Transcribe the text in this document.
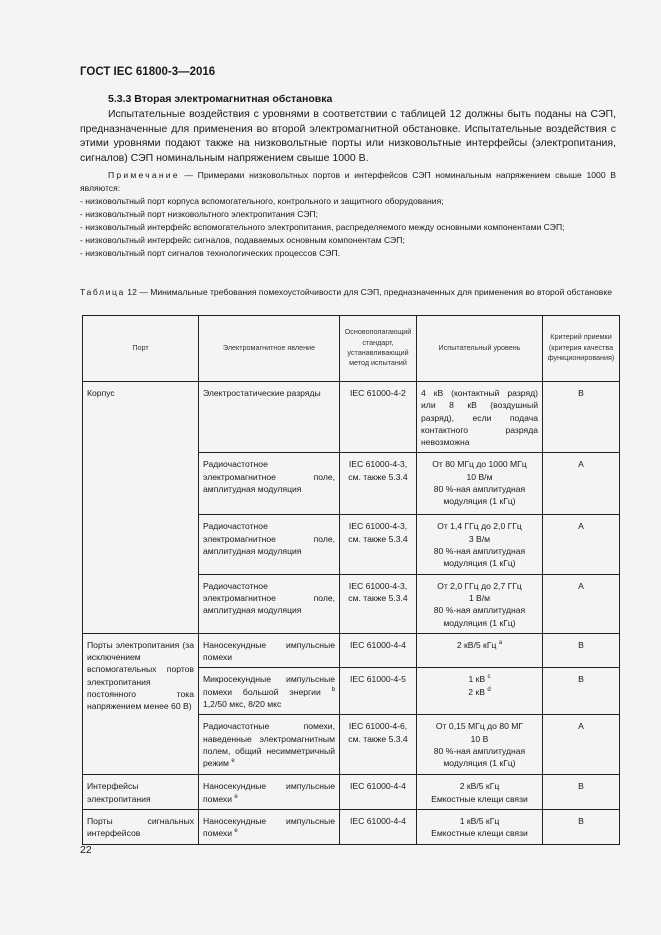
ГОСТ IEC 61800-3—2016
5.3.3 Вторая электромагнитная обстановка
Испытательные воздействия с уровнями в соответствии с таблицей 12 должны быть поданы на СЭП, предназначенные для применения во второй электромагнитной обстановке. Испытательные воздействия с этими уровнями подают также на низковольтные порты или низковольтные интерфейсы (электропитания, сигналов) СЭП номинальным напряжением свыше 1000 В.
Примечание — Примерами низковольтных портов и интерфейсов СЭП номинальным напряжением свыше 1000 В являются:
- низковольтный порт корпуса вспомогательного, контрольного и защитного оборудования;
- низковольтный порт низковольтного электропитания СЭП;
- низковольтный интерфейс вспомогательного электропитания, распределяемого между основными компонентами СЭП;
- низковольтный интерфейс сигналов, подаваемых основным компонентам СЭП;
- низковольтный порт сигналов технологических процессов СЭП.
Таблица 12 — Минимальные требования помехоустойчивости для СЭП, предназначенных для применения во второй обстановке
Порт	Электромагнитное явление	Основополагающий стандарт, устанавливающий метод испытаний	Испытательный уровень	Критерий приемки (критерия качества функционирования)
Корпус	Электростатические разряды	IEC 61000-4-2	4 кВ (контактный разряд) или 8 кВ (воздушный разряд), если подача контактного разряда невозможна	B
	Радиочастотное электромагнитное поле, амплитудная модуляция	IEC 61000-4-3, см. также 5.3.4	От 80 МГц до 1000 МГц
10 В/м
80 %-ная амплитудная модуляция (1 кГц)	A
	Радиочастотное электромагнитное поле, амплитудная модуляция	IEC 61000-4-3, см. также 5.3.4	От 1,4 ГГц до 2,0 ГГц
3 В/м
80 %-ная амплитудная модуляция (1 кГц)	A
	Радиочастотное электромагнитное поле, амплитудная модуляция	IEC 61000-4-3, см. также 5.3.4	От 2,0 ГГц до 2,7 ГГц
1 В/м
80 %-ная амплитудная модуляция (1 кГц)	A
Порты электропитания (за исключением вспомогательных портов электропитания постоянного тока напряжением менее 60 В)	Наносекундные импульсные помехи	IEC 61000-4-4	2 кВ/5 кГц $^a$	B
	Микросекундные импульсные помехи большой энергии $^b$ 1,2/50 мкс, 8/20 мкс	IEC 61000-4-5	1 кВ $^c$
2 кВ $^d$	B
	Радиочастотные помехи, наведенные электромагнитным полем, общий несимметричный режим $^e$	IEC 61000-4-6, см. также 5.3.4	От 0,15 МГц до 80 МГ
10 В
80 %-ная амплитудная модуляция (1 кГц)	A
Интерфейсы электропитания	Наносекундные импульсные помехи $^e$	IEC 61000-4-4	2 кВ/5 кГц
Емкостные клещи связи	B
Порты сигнальных интерфейсов	Наносекундные импульсные помехи $^e$	IEC 61000-4-4	1 кВ/5 кГц
Емкостные клещи связи	B
22
